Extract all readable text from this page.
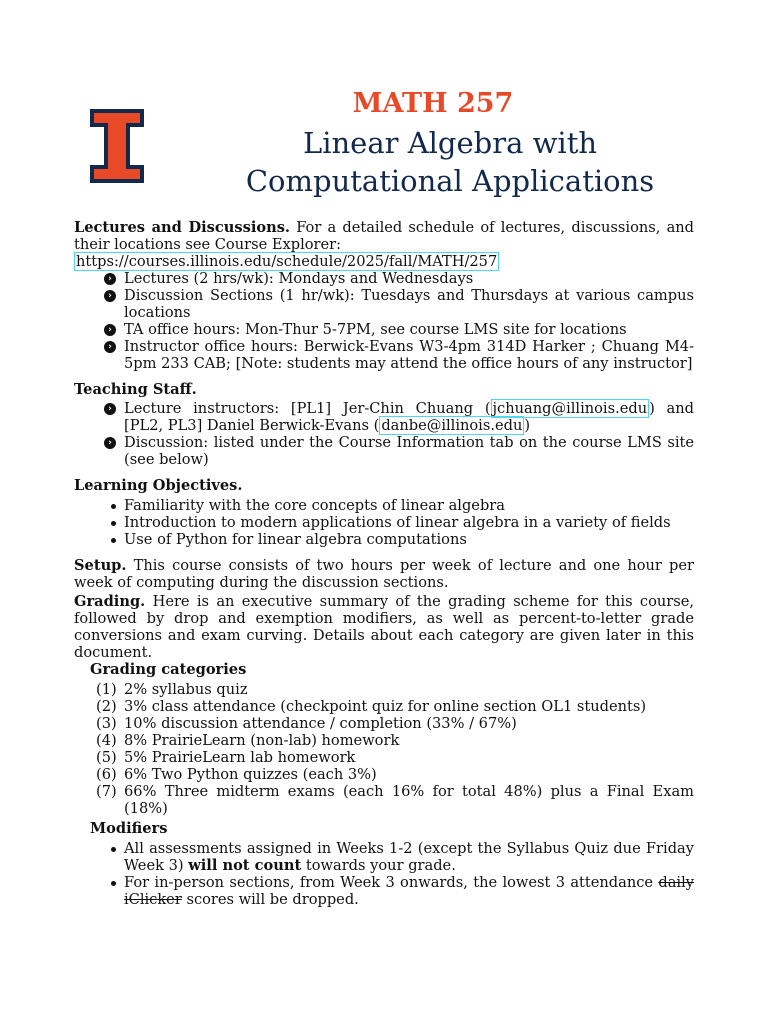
MATH 257
Linear Algebra with
Computational Applications

Lectures and Discussions. For a detailed schedule of lectures, discussions, and their locations see Course Explorer:
https://courses.illinois.edu/schedule/2025/fall/MATH/257

› Lectures (2 hrs/wk): Mondays and Wednesdays
› Discussion Sections (1 hr/wk): Tuesdays and Thursdays at various campus locations
› TA office hours: Mon-Thur 5-7PM, see course LMS site for locations
› Instructor office hours: Berwick-Evans W3-4pm 314D Harker ; Chuang M4-5pm 233 CAB; [Note: students may attend the office hours of any instructor]

Teaching Staff.

› Lecture instructors: [PL1] Jer-Chin Chuang ( jchuang@illinois.edu ) and [PL2, PL3] Daniel Berwick-Evans ( danbe@illinois.edu )
› Discussion: listed under the Course Information tab on the course LMS site (see below)

Learning Objectives.

Familiarity with the core concepts of linear algebra
Introduction to modern applications of linear algebra in a variety of fields
Use of Python for linear algebra computations

Setup. This course consists of two hours per week of lecture and one hour per week of computing during the discussion sections.

Grading. Here is an executive summary of the grading scheme for this course, followed by drop and exemption modifiers, as well as percent-to-letter grade conversions and exam curving. Details about each category are given later in this document.

Grading categories

(1) 2% syllabus quiz
(2) 3% class attendance (checkpoint quiz for online section OL1 students)
(3) 10% discussion attendance / completion (33% / 67%)
(4) 8% PrairieLearn (non-lab) homework
(5) 5% PrairieLearn lab homework
(6) 6% Two Python quizzes (each 3%)
(7) 66% Three midterm exams (each 16% for total 48%) plus a Final Exam (18%)

Modifiers

All assessments assigned in Weeks 1-2 (except the Syllabus Quiz due Friday Week 3) will not count towards your grade.
For in-person sections, from Week 3 onwards, the lowest 3 attendance daily iClicker scores will be dropped.
